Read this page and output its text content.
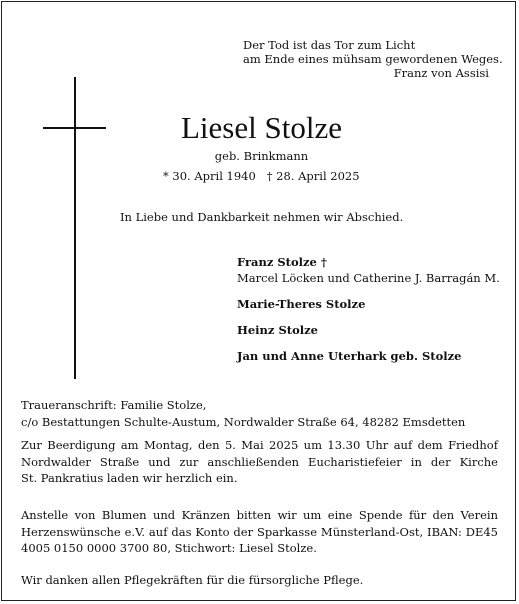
Der Tod ist das Tor zum Licht
am Ende eines mühsam gewordenen Weges.
Franz von Assisi
Liesel Stolze
geb. Brinkmann
* 30. April 1940 † 28. April 2025
In Liebe und Dankbarkeit nehmen wir Abschied.
Franz Stolze †
Marcel Löcken und Catherine J. Barragán M.
Marie-Theres Stolze
Heinz Stolze
Jan und Anne Uterhark geb. Stolze
Traueranschrift: Familie Stolze,
c/o Bestattungen Schulte-Austum, Nordwalder Straße 64, 48282 Emsdetten
Zur Beerdigung am Montag, den 5. Mai 2025 um 13.30 Uhr auf dem Friedhof
Nordwalder Straße und zur anschließenden Eucharistiefeier in der Kirche
St. Pankratius laden wir herzlich ein.
Anstelle von Blumen und Kränzen bitten wir um eine Spende für den Verein
Herzenswünsche e.V. auf das Konto der Sparkasse Münsterland-Ost, IBAN: DE45
4005 0150 0000 3700 80, Stichwort: Liesel Stolze.
Wir danken allen Pflegekräften für die fürsorgliche Pflege.
